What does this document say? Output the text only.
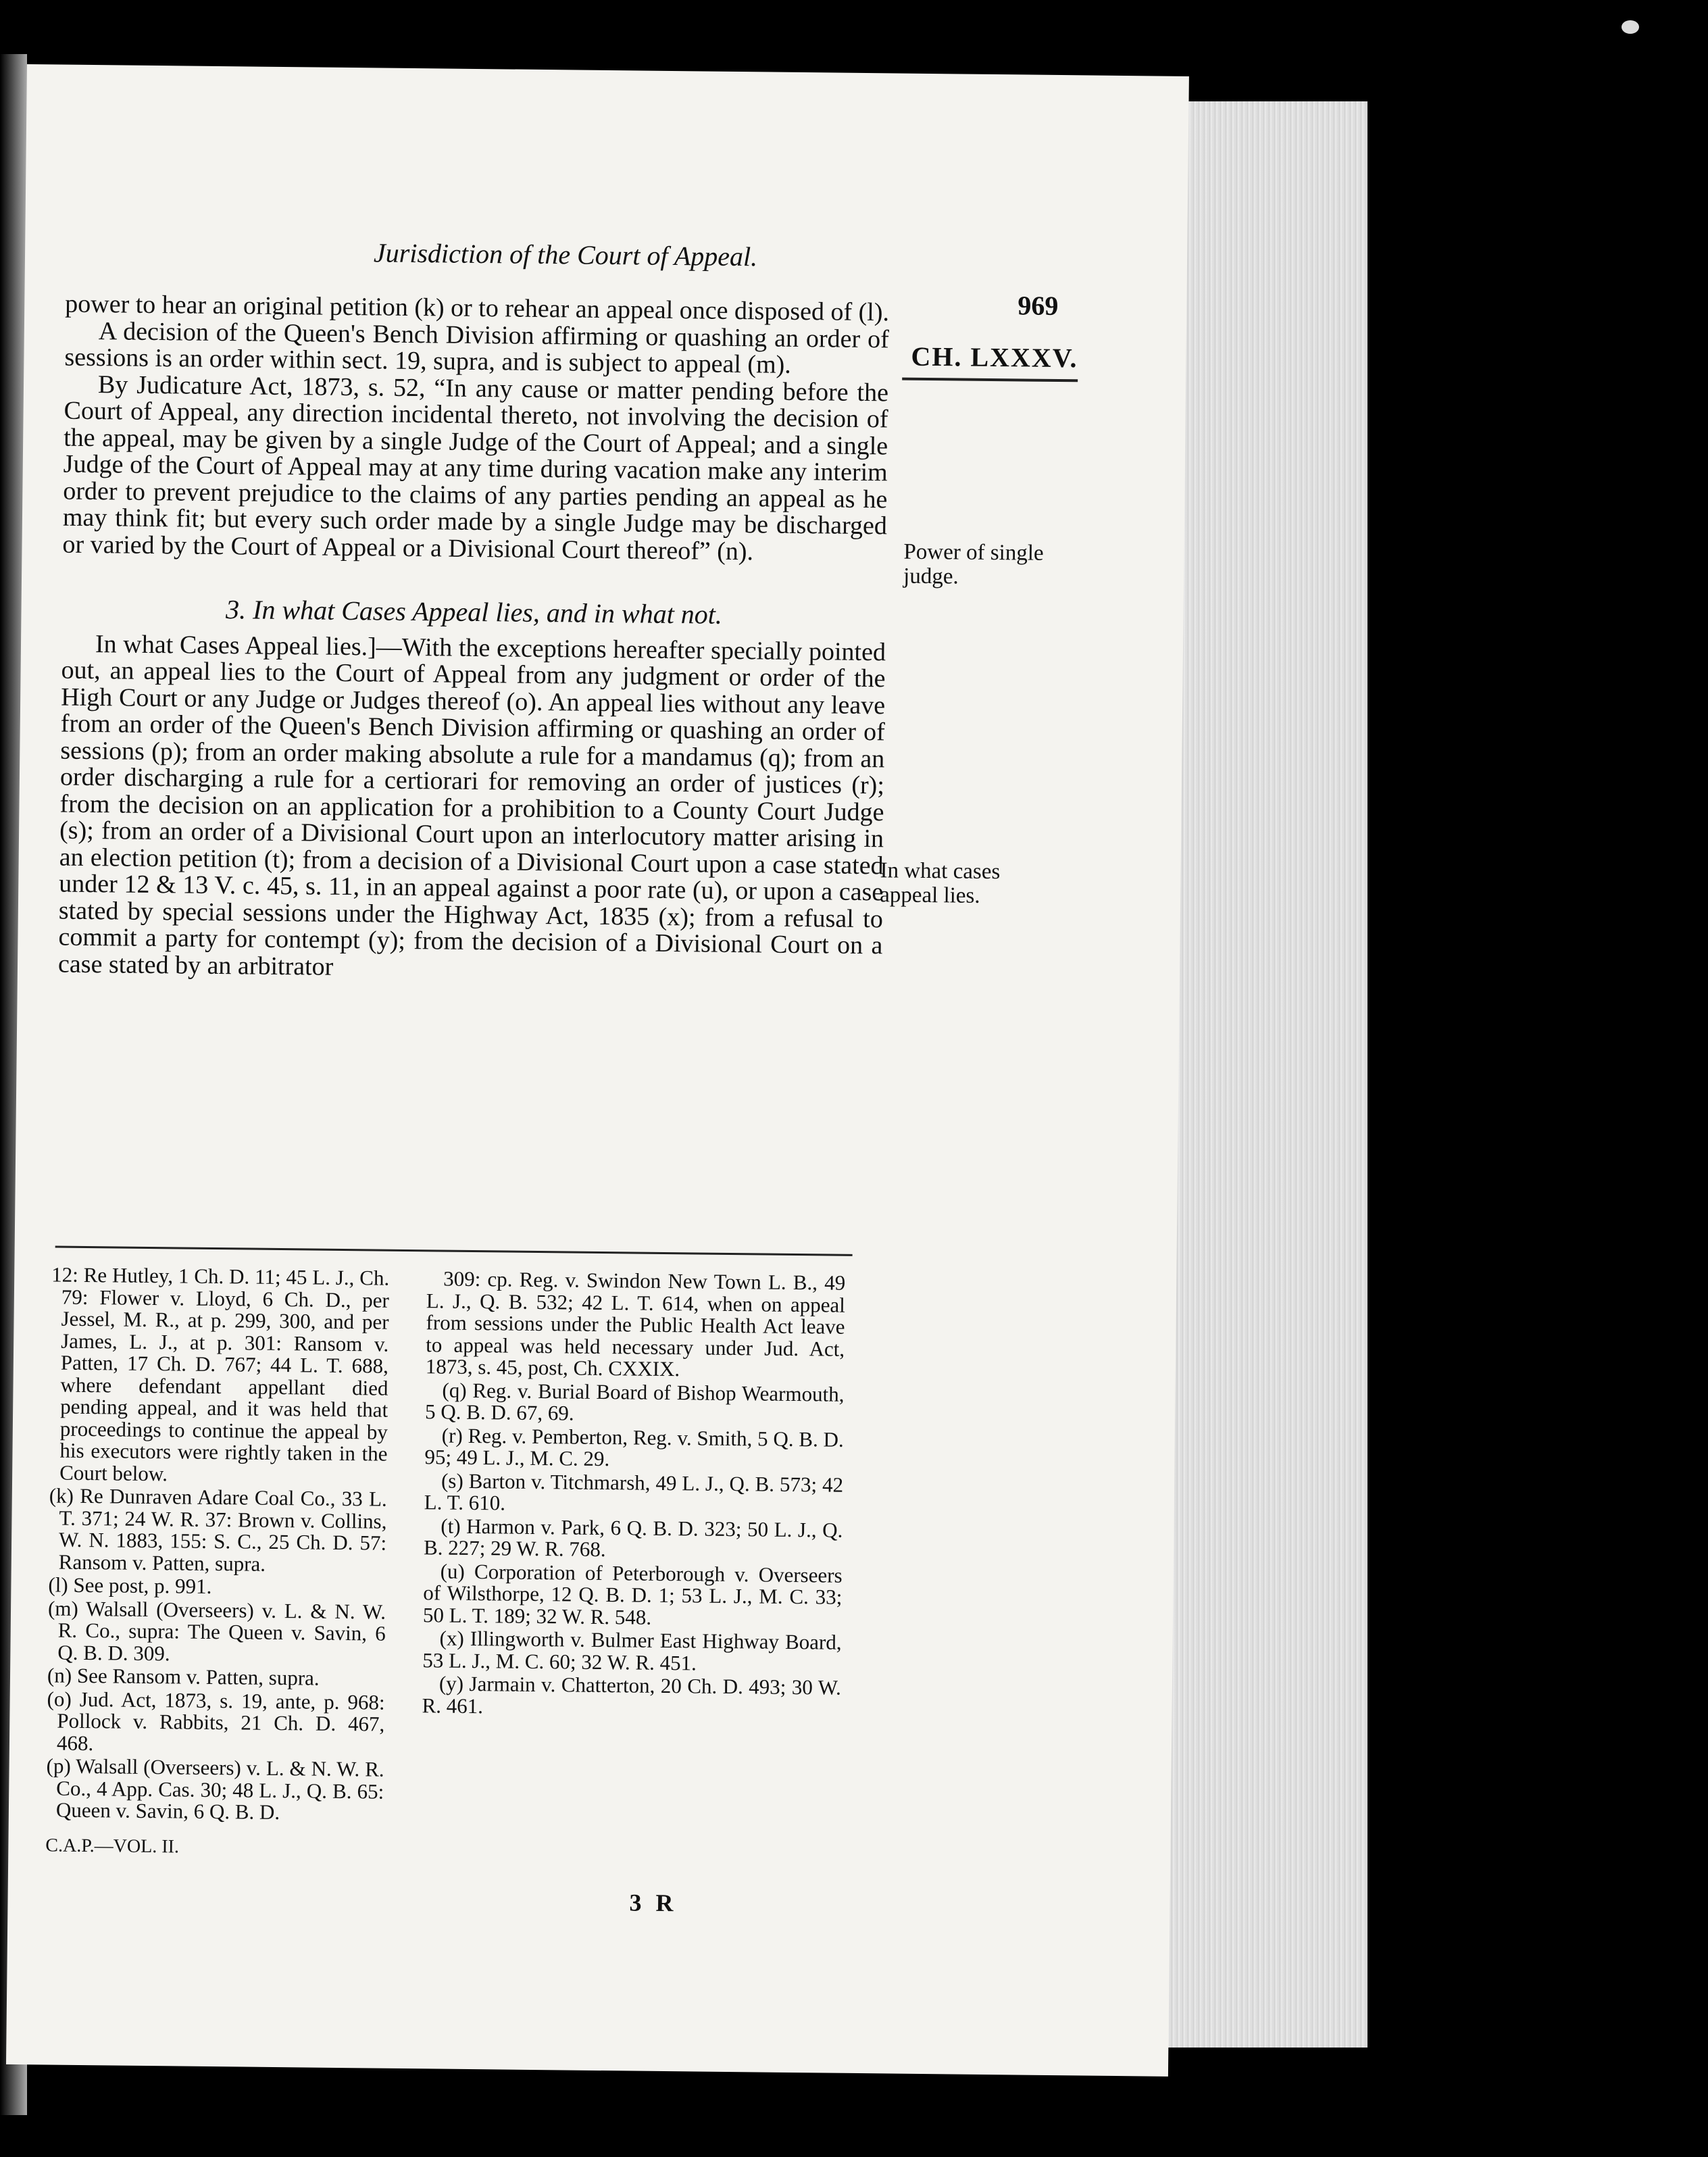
Jurisdiction of the Court of Appeal.
969
CH. LXXXV.
Power of single judge.
In what cases appeal lies.

power to hear an original petition (k) or to rehear an appeal once disposed of (l).

A decision of the Queen's Bench Division affirming or quashing an order of sessions is an order within sect. 19, supra, and is subject to appeal (m).

By Judicature Act, 1873, s. 52, “In any cause or matter pending before the Court of Appeal, any direction incidental thereto, not involving the decision of the appeal, may be given by a single Judge of the Court of Appeal; and a single Judge of the Court of Appeal may at any time during vacation make any interim order to prevent prejudice to the claims of any parties pending an appeal as he may think fit; but every such order made by a single Judge may be discharged or varied by the Court of Appeal or a Divisional Court thereof” (n).

3. In what Cases Appeal lies, and in what not.

In what Cases Appeal lies.]—With the exceptions hereafter specially pointed out, an appeal lies to the Court of Appeal from any judgment or order of the High Court or any Judge or Judges thereof (o). An appeal lies without any leave from an order of the Queen's Bench Division affirming or quashing an order of sessions (p); from an order making absolute a rule for a mandamus (q); from an order discharging a rule for a certiorari for removing an order of justices (r); from the decision on an application for a prohibition to a County Court Judge (s); from an order of a Divisional Court upon an interlocutory matter arising in an election petition (t); from a decision of a Divisional Court upon a case stated under 12 & 13 V. c. 45, s. 11, in an appeal against a poor rate (u), or upon a case stated by special sessions under the Highway Act, 1835 (x); from a refusal to commit a party for contempt (y); from the decision of a Divisional Court on a case stated by an arbitrator

12: Re Hutley, 1 Ch. D. 11; 45 L. J., Ch. 79: Flower v. Lloyd, 6 Ch. D., per Jessel, M. R., at p. 299, 300, and per James, L. J., at p. 301: Ransom v. Patten, 17 Ch. D. 767; 44 L. T. 688, where defendant appellant died pending appeal, and it was held that proceedings to continue the appeal by his executors were rightly taken in the Court below.

(k) Re Dunraven Adare Coal Co., 33 L. T. 371; 24 W. R. 37: Brown v. Collins, W. N. 1883, 155: S. C., 25 Ch. D. 57: Ransom v. Patten, supra.

(l) See post, p. 991.

(m) Walsall (Overseers) v. L. & N. W. R. Co., supra: The Queen v. Savin, 6 Q. B. D. 309.

(n) See Ransom v. Patten, supra.

(o) Jud. Act, 1873, s. 19, ante, p. 968: Pollock v. Rabbits, 21 Ch. D. 467, 468.

(p) Walsall (Overseers) v. L. & N. W. R. Co., 4 App. Cas. 30; 48 L. J., Q. B. 65: Queen v. Savin, 6 Q. B. D.

309: cp. Reg. v. Swindon New Town L. B., 49 L. J., Q. B. 532; 42 L. T. 614, when on appeal from sessions under the Public Health Act leave to appeal was held necessary under Jud. Act, 1873, s. 45, post, Ch. CXXIX.

(q) Reg. v. Burial Board of Bishop Wearmouth, 5 Q. B. D. 67, 69.

(r) Reg. v. Pemberton, Reg. v. Smith, 5 Q. B. D. 95; 49 L. J., M. C. 29.

(s) Barton v. Titchmarsh, 49 L. J., Q. B. 573; 42 L. T. 610.

(t) Harmon v. Park, 6 Q. B. D. 323; 50 L. J., Q. B. 227; 29 W. R. 768.

(u) Corporation of Peterborough v. Overseers of Wilsthorpe, 12 Q. B. D. 1; 53 L. J., M. C. 33; 50 L. T. 189; 32 W. R. 548.

(x) Illingworth v. Bulmer East Highway Board, 53 L. J., M. C. 60; 32 W. R. 451.

(y) Jarmain v. Chatterton, 20 Ch. D. 493; 30 W. R. 461.

C.A.P.—VOL. II.
3 R
